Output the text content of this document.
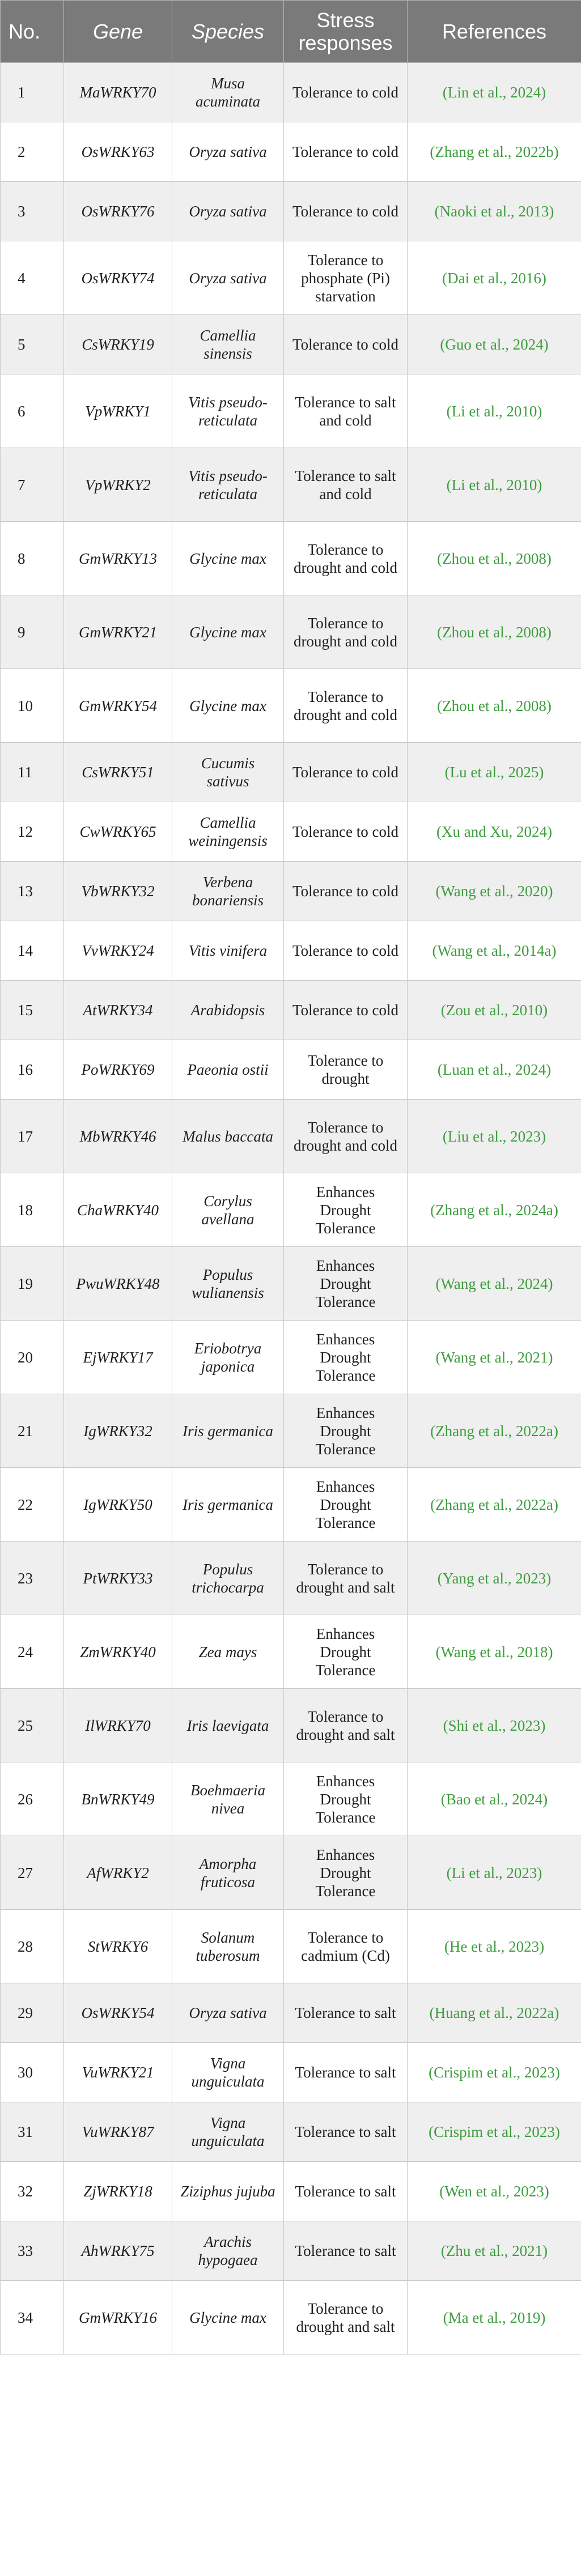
No.	Gene	Species	Stress responses	References
1	MaWRKY70	Musa acuminata	Tolerance to cold	(Lin et al., 2024)
2	OsWRKY63	Oryza sativa	Tolerance to cold	(Zhang et al., 2022b)
3	OsWRKY76	Oryza sativa	Tolerance to cold	(Naoki et al., 2013)
4	OsWRKY74	Oryza sativa	Tolerance to phosphate (Pi) starvation	(Dai et al., 2016)
5	CsWRKY19	Camellia sinensis	Tolerance to cold	(Guo et al., 2024)
6	VpWRKY1	Vitis pseudo-reticulata	Tolerance to salt and cold	(Li et al., 2010)
7	VpWRKY2	Vitis pseudo-reticulata	Tolerance to salt and cold	(Li et al., 2010)
8	GmWRKY13	Glycine max	Tolerance to drought and cold	(Zhou et al., 2008)
9	GmWRKY21	Glycine max	Tolerance to drought and cold	(Zhou et al., 2008)
10	GmWRKY54	Glycine max	Tolerance to drought and cold	(Zhou et al., 2008)
11	CsWRKY51	Cucumis sativus	Tolerance to cold	(Lu et al., 2025)
12	CwWRKY65	Camellia weiningensis	Tolerance to cold	(Xu and Xu, 2024)
13	VbWRKY32	Verbena bonariensis	Tolerance to cold	(Wang et al., 2020)
14	VvWRKY24	Vitis vinifera	Tolerance to cold	(Wang et al., 2014a)
15	AtWRKY34	Arabidopsis	Tolerance to cold	(Zou et al., 2010)
16	PoWRKY69	Paeonia ostii	Tolerance to drought	(Luan et al., 2024)
17	MbWRKY46	Malus baccata	Tolerance to drought and cold	(Liu et al., 2023)
18	ChaWRKY40	Corylus avellana	Enhances Drought Tolerance	(Zhang et al., 2024a)
19	PwuWRKY48	Populus wulianensis	Enhances Drought Tolerance	(Wang et al., 2024)
20	EjWRKY17	Eriobotrya japonica	Enhances Drought Tolerance	(Wang et al., 2021)
21	IgWRKY32	Iris germanica	Enhances Drought Tolerance	(Zhang et al., 2022a)
22	IgWRKY50	Iris germanica	Enhances Drought Tolerance	(Zhang et al., 2022a)
23	PtWRKY33	Populus trichocarpa	Tolerance to drought and salt	(Yang et al., 2023)
24	ZmWRKY40	Zea mays	Enhances Drought Tolerance	(Wang et al., 2018)
25	IlWRKY70	Iris laevigata	Tolerance to drought and salt	(Shi et al., 2023)
26	BnWRKY49	Boehmaeria nivea	Enhances Drought Tolerance	(Bao et al., 2024)
27	AfWRKY2	Amorpha fruticosa	Enhances Drought Tolerance	(Li et al., 2023)
28	StWRKY6	Solanum tuberosum	Tolerance to cadmium (Cd)	(He et al., 2023)
29	OsWRKY54	Oryza sativa	Tolerance to salt	(Huang et al., 2022a)
30	VuWRKY21	Vigna unguiculata	Tolerance to salt	(Crispim et al., 2023)
31	VuWRKY87	Vigna unguiculata	Tolerance to salt	(Crispim et al., 2023)
32	ZjWRKY18	Ziziphus jujuba	Tolerance to salt	(Wen et al., 2023)
33	AhWRKY75	Arachis hypogaea	Tolerance to salt	(Zhu et al., 2021)
34	GmWRKY16	Glycine max	Tolerance to drought and salt	(Ma et al., 2019)
